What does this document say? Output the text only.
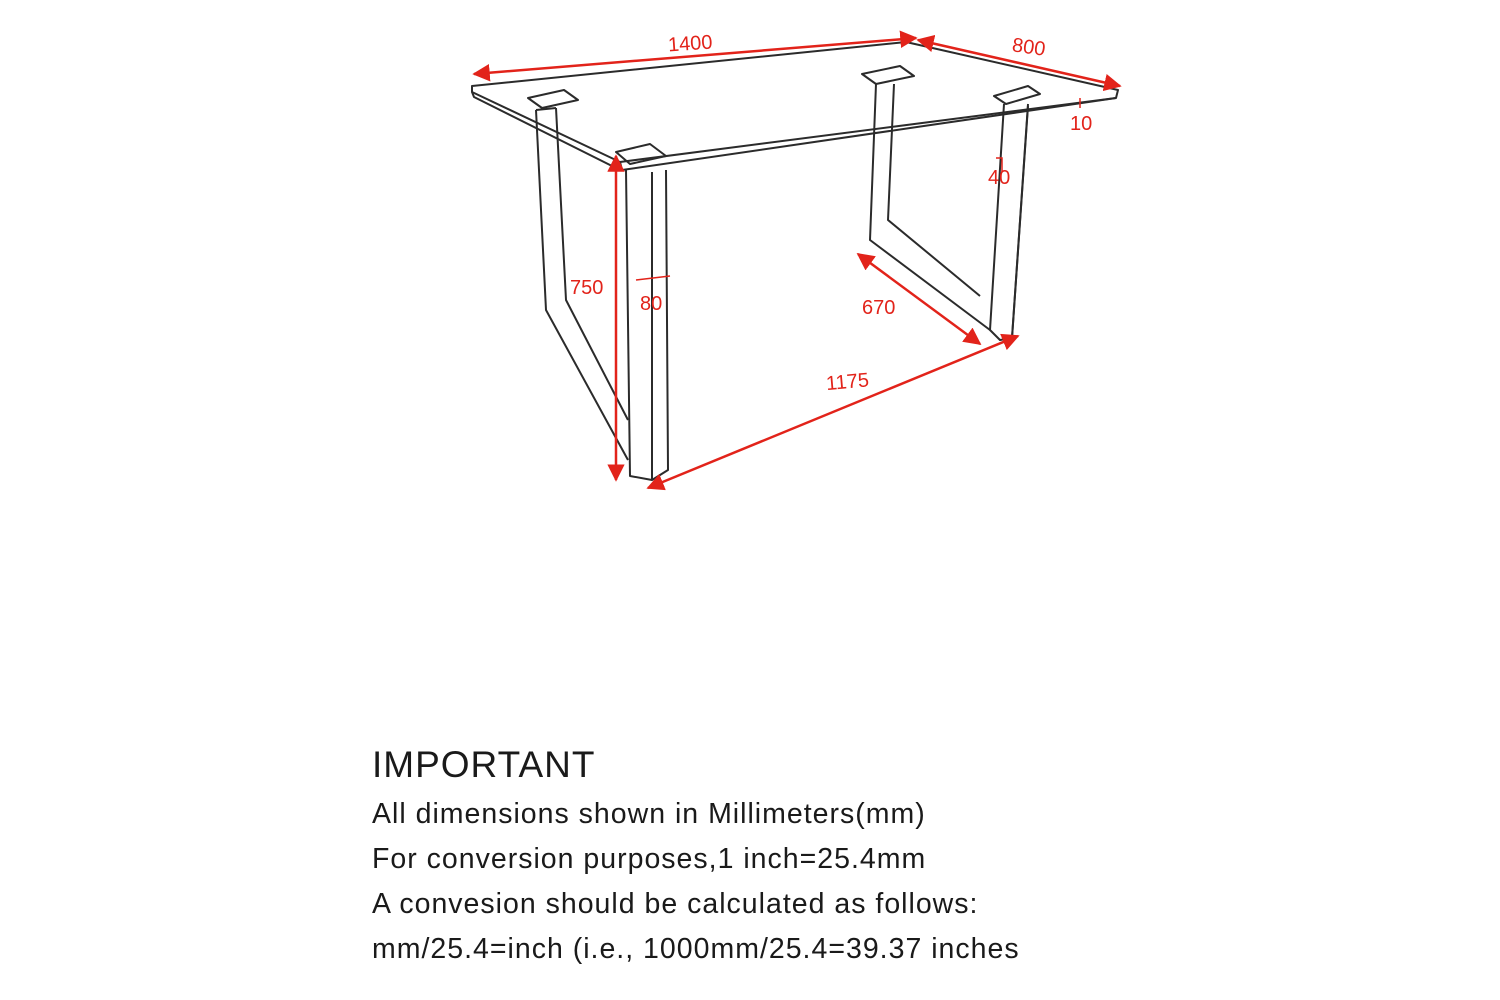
1400	800
10
40
750
80	670
1175

IMPORTANT

All dimensions shown in Millimeters(mm)

For conversion purposes,1 inch=25.4mm

A convesion should be calculated as follows:

mm/25.4=inch (i.e., 1000mm/25.4=39.37 inches
